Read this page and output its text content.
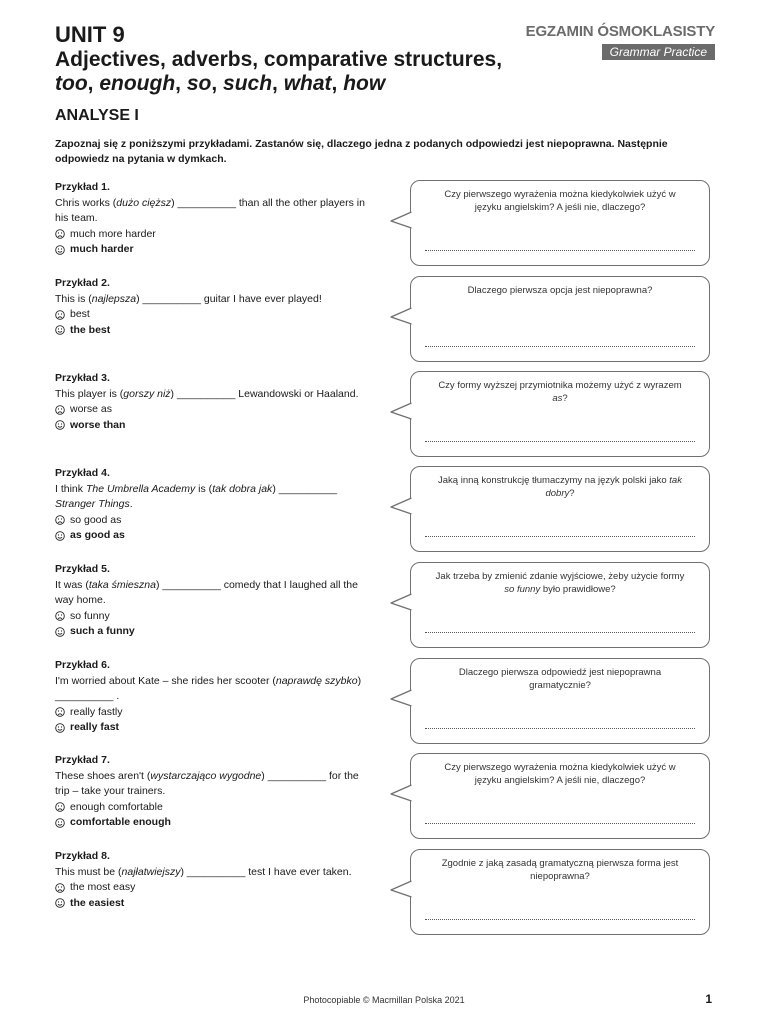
UNIT 9

Adjectives, adverbs, comparative structures,

too, enough, so, such, what, how

EGZAMIN ÓSMOKLASISTY
Grammar Practice

ANALYSE I

Zapoznaj się z poniższymi przykładami. Zastanów się, dlaczego jedna z podanych odpowiedzi jest niepoprawna. Następnie odpowiedz na pytania w dymkach.

Przykład 1.
Chris works (dużo cięższ) __________ than all the other players in his team.
much more harder
much harder
Czy pierwszego wyrażenia można kiedykolwiek użyć w języku angielskim? A jeśli nie, dlaczego?
Przykład 2.
This is (najlepsza) __________ guitar I have ever played!
best
the best
Dlaczego pierwsza opcja jest niepoprawna?
Przykład 3.
This player is (gorszy niż) __________ Lewandowski or Haaland.
worse as
worse than
Czy formy wyższej przymiotnika możemy użyć z wyrazem as?
Przykład 4.
I think The Umbrella Academy is (tak dobra jak) __________ Stranger Things.
so good as
as good as
Jaką inną konstrukcję tłumaczymy na język polski jako tak dobry?
Przykład 5.
It was (taka śmieszna) __________ comedy that I laughed all the way home.
so funny
such a funny
Jak trzeba by zmienić zdanie wyjściowe, żeby użycie formy so funny było prawidłowe?
Przykład 6.
I'm worried about Kate – she rides her scooter (naprawdę szybko) __________ .
really fastly
really fast
Dlaczego pierwsza odpowiedź jest niepoprawna gramatycznie?
Przykład 7.
These shoes aren't (wystarczająco wygodne) __________ for the trip – take your trainers.
enough comfortable
comfortable enough
Czy pierwszego wyrażenia można kiedykolwiek użyć w języku angielskim? A jeśli nie, dlaczego?
Przykład 8.
This must be (najłatwiejszy) __________ test I have ever taken.
the most easy
the easiest
Zgodnie z jaką zasadą gramatyczną pierwsza forma jest niepoprawna?
Photocopiable © Macmillan Polska 2021	1
